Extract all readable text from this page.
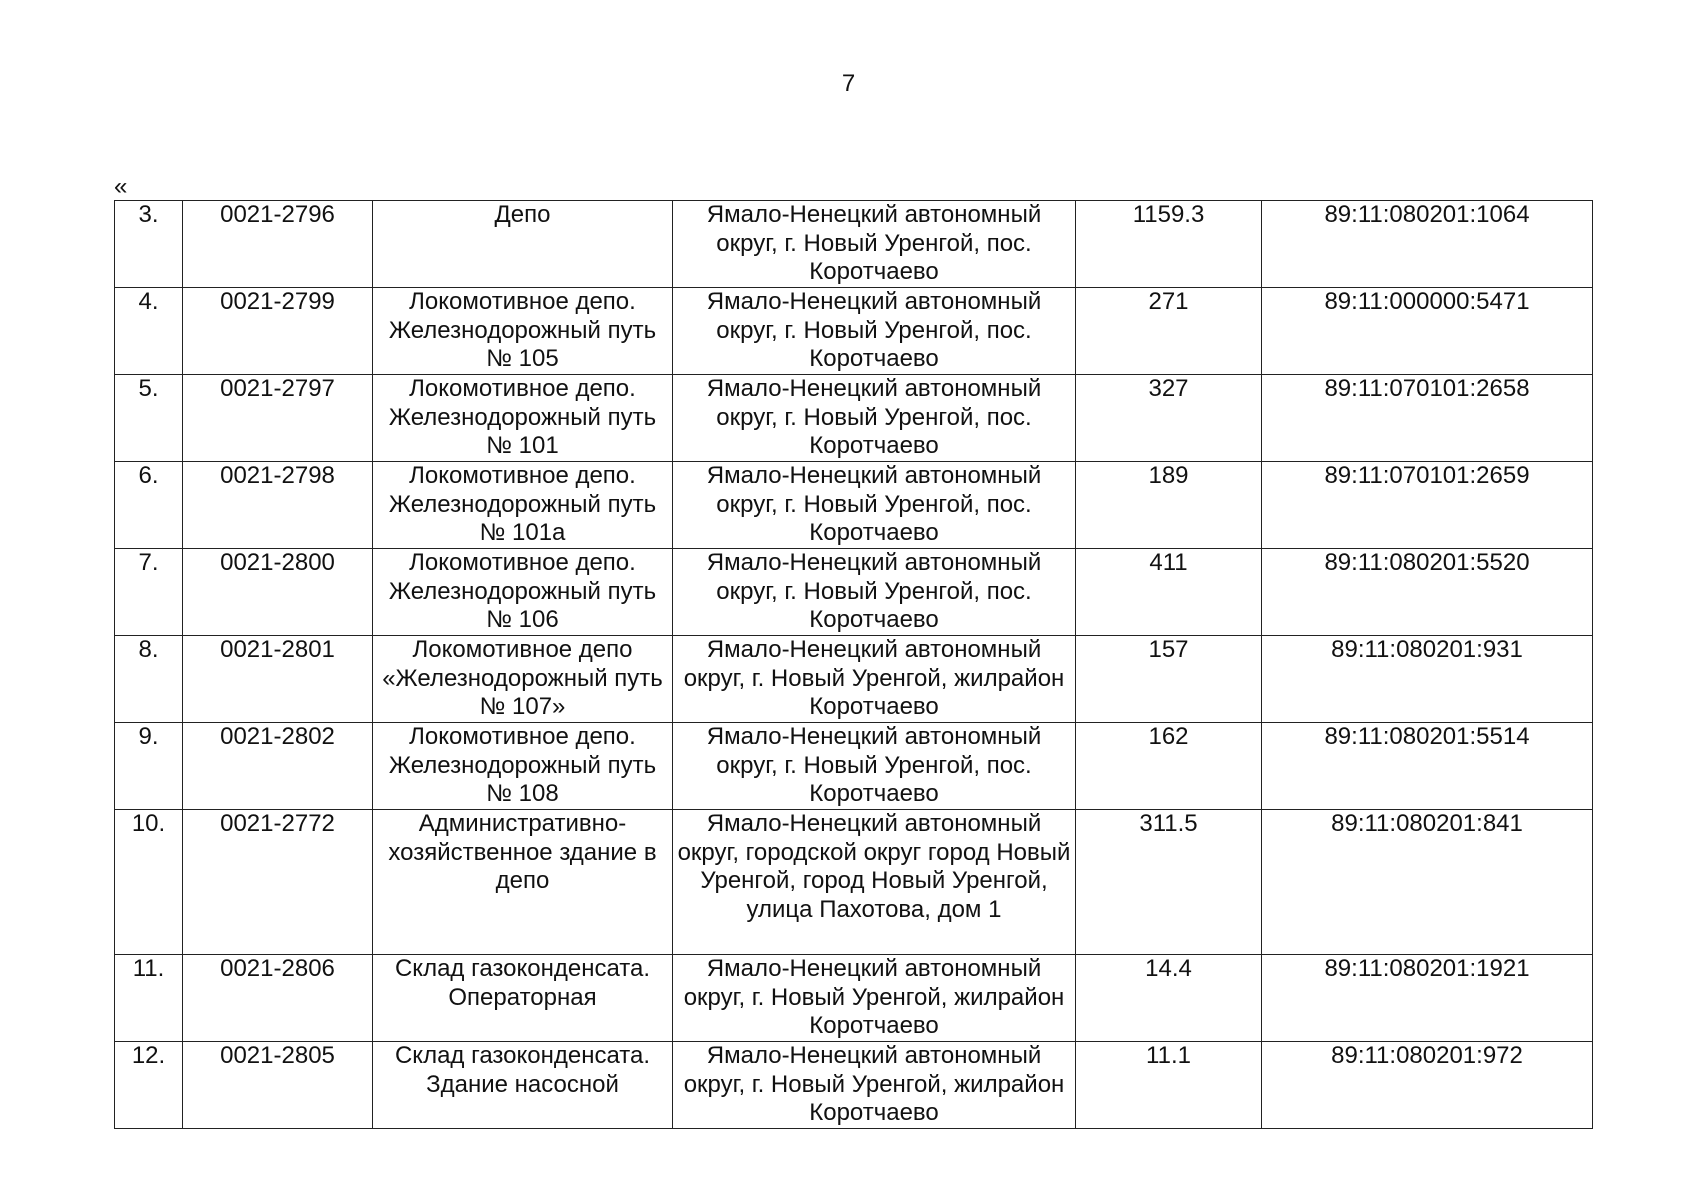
7
«
3.	0021-2796	Депо	Ямало-Ненецкий автономный округ, г. Новый Уренгой, пос. Коротчаево	1159.3	89:11:080201:1064
4.	0021-2799	Локомотивное депо. Железнодорожный путь № 105	Ямало-Ненецкий автономный округ, г. Новый Уренгой, пос. Коротчаево	271	89:11:000000:5471
5.	0021-2797	Локомотивное депо. Железнодорожный путь № 101	Ямало-Ненецкий автономный округ, г. Новый Уренгой, пос. Коротчаево	327	89:11:070101:2658
6.	0021-2798	Локомотивное депо. Железнодорожный путь № 101а	Ямало-Ненецкий автономный округ, г. Новый Уренгой, пос. Коротчаево	189	89:11:070101:2659
7.	0021-2800	Локомотивное депо. Железнодорожный путь № 106	Ямало-Ненецкий автономный округ, г. Новый Уренгой, пос. Коротчаево	411	89:11:080201:5520
8.	0021-2801	Локомотивное депо «Железнодорожный путь № 107»	Ямало-Ненецкий автономный округ, г. Новый Уренгой, жилрайон Коротчаево	157	89:11:080201:931
9.	0021-2802	Локомотивное депо. Железнодорожный путь № 108	Ямало-Ненецкий автономный округ, г. Новый Уренгой, пос. Коротчаево	162	89:11:080201:5514
10.	0021-2772	Административно-хозяйственное здание в депо	Ямало-Ненецкий автономный округ, городской округ город Новый Уренгой, город Новый Уренгой, улица Пахотова, дом 1	311.5	89:11:080201:841
11.	0021-2806	Склад газоконденсата. Операторная	Ямало-Ненецкий автономный округ, г. Новый Уренгой, жилрайон Коротчаево	14.4	89:11:080201:1921
12.	0021-2805	Склад газоконденсата. Здание насосной	Ямало-Ненецкий автономный округ, г. Новый Уренгой, жилрайон Коротчаево	11.1	89:11:080201:972
